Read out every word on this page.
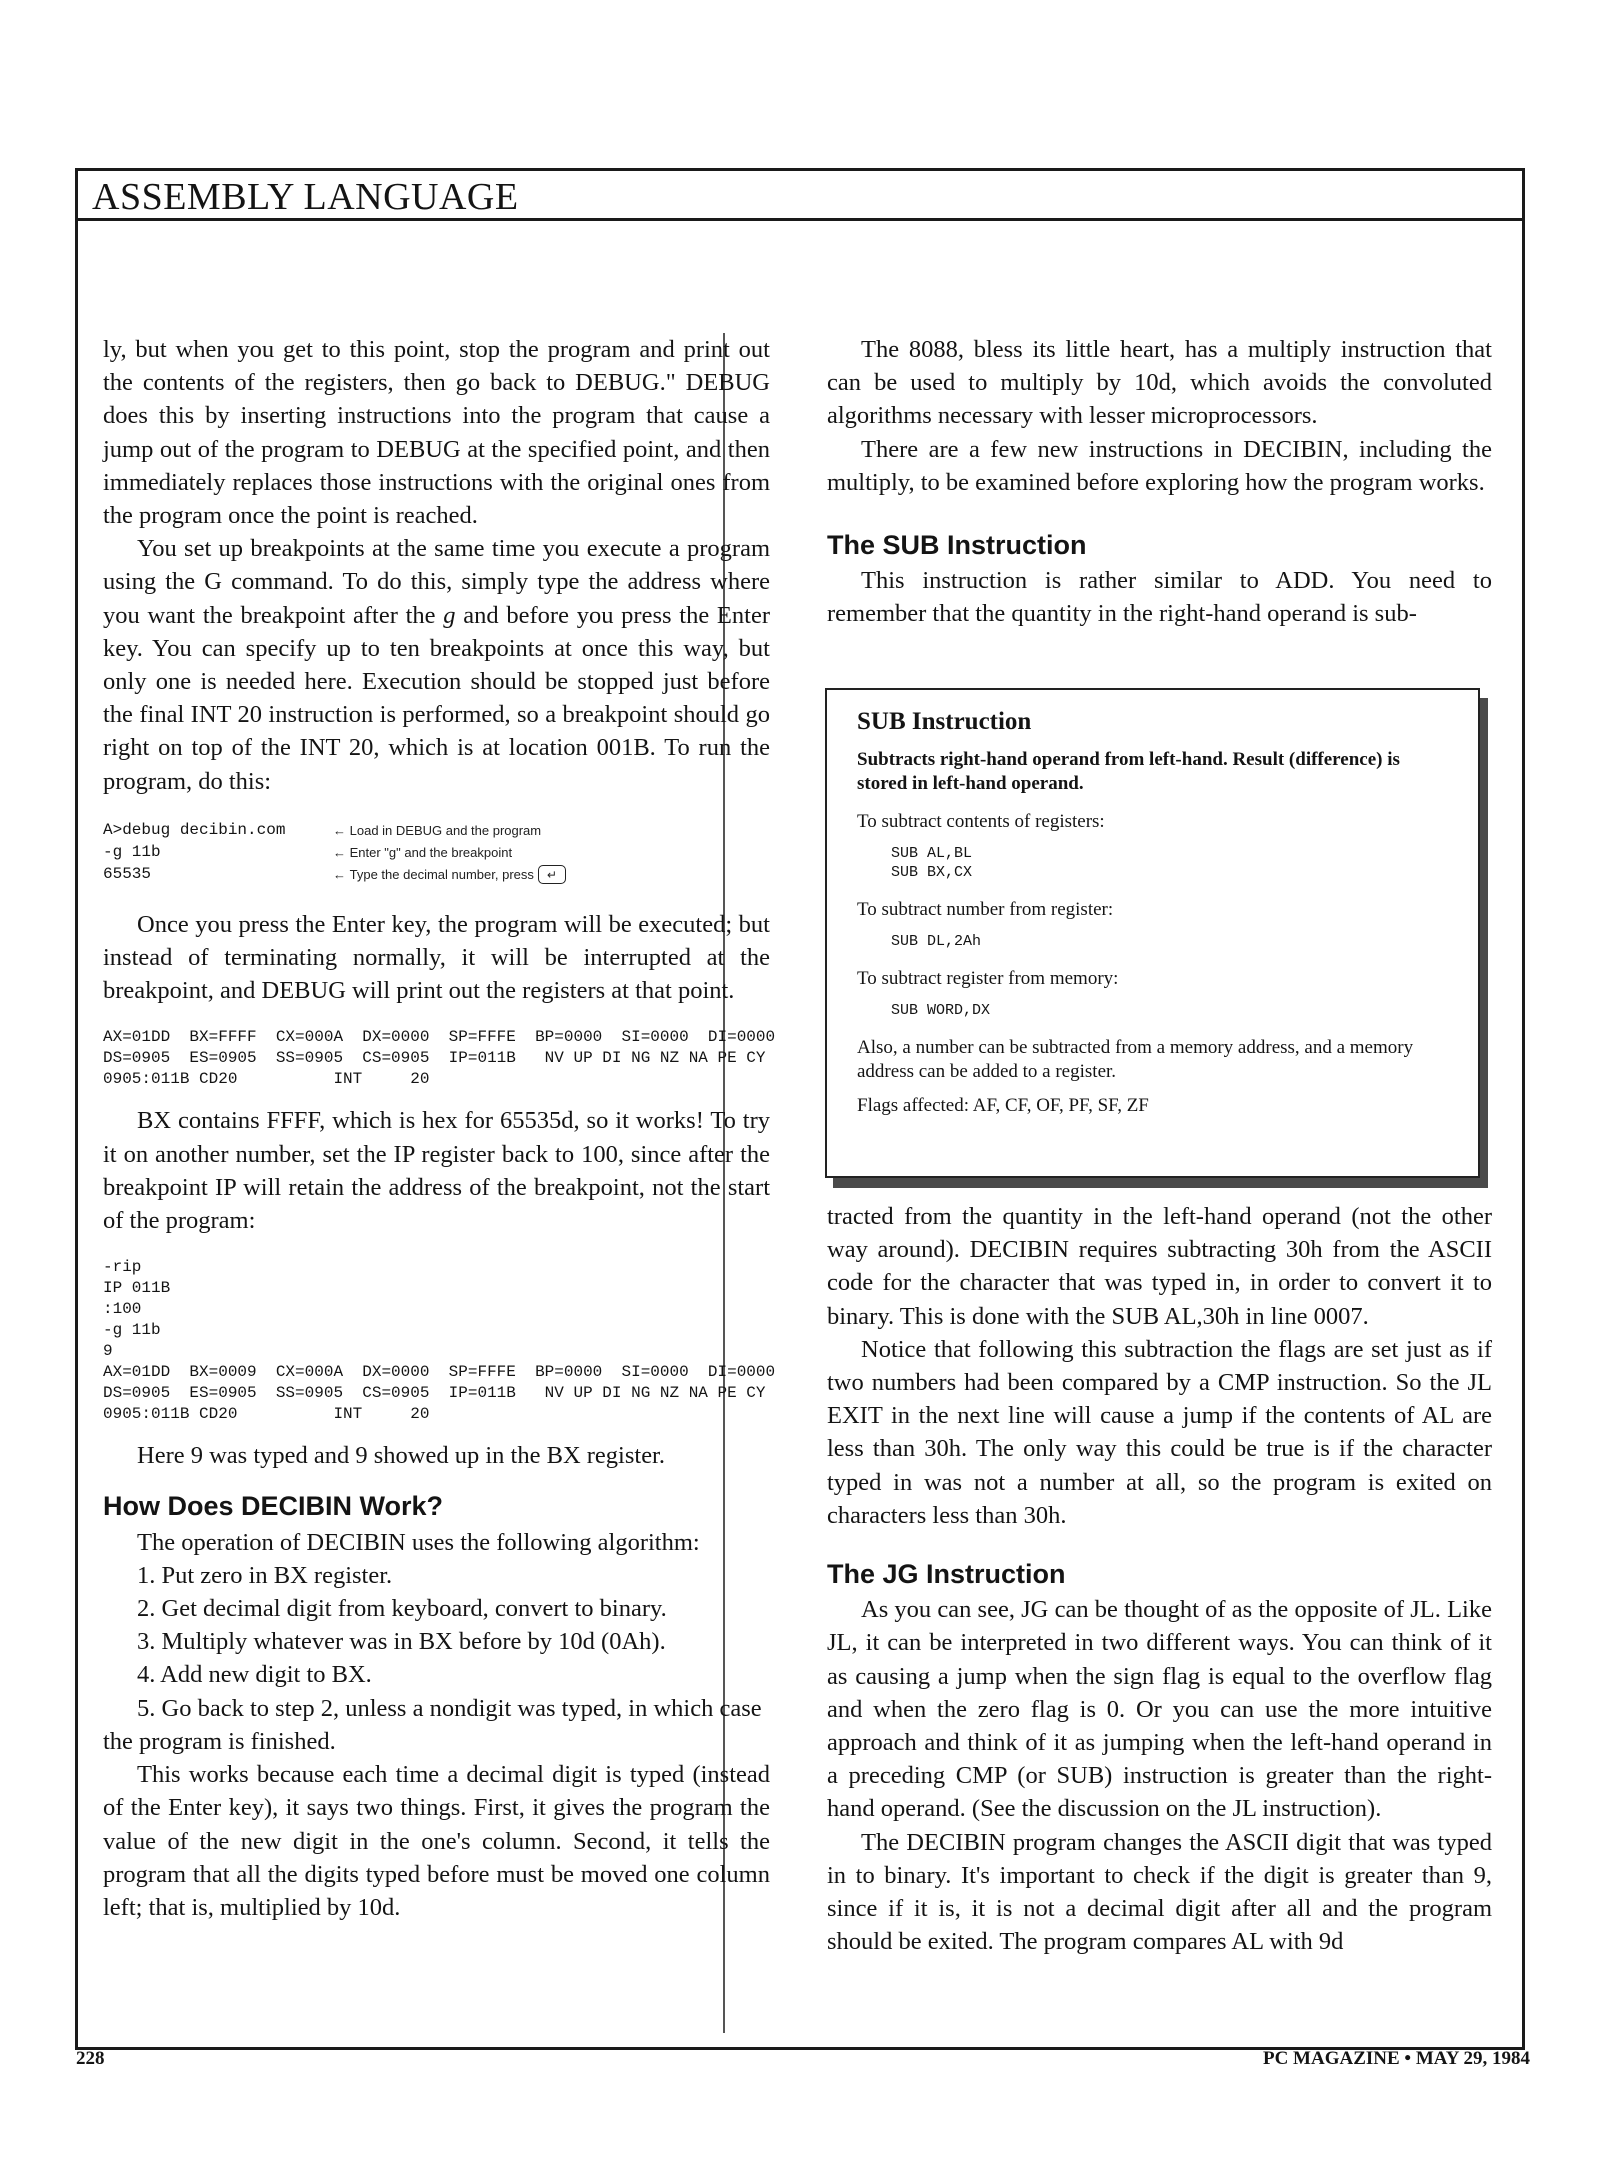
ASSEMBLY LANGUAGE

ly, but when you get to this point, stop the program and print out the contents of the registers, then go back to DEBUG." DEBUG does this by inserting instructions into the program that cause a jump out of the program to DEBUG at the specified point, and then immediately replaces those instructions with the original ones from the program once the point is reached.

You set up breakpoints at the same time you execute a program using the G command. To do this, simply type the address where you want the breakpoint after the g and before you press the Enter key. You can specify up to ten breakpoints at once this way, but only one is needed here. Execution should be stopped just before the final INT 20 instruction is performed, so a breakpoint should go right on top of the INT 20, which is at location 001B. To run the program, do this:

A>debug decibin.com	← Load in DEBUG and the program
-g 11b	← Enter "g" and the breakpoint
65535	← Type the decimal number, press	↵

Once you press the Enter key, the program will be executed; but instead of terminating normally, it will be interrupted at the breakpoint, and DEBUG will print out the registers at that point.

AX=01DD  BX=FFFF  CX=000A  DX=0000  SP=FFFE  BP=0000  SI=0000  DI=0000
DS=0905  ES=0905  SS=0905  CS=0905  IP=011B   NV UP DI NG NZ NA PE CY
0905:011B CD20          INT     20

BX contains FFFF, which is hex for 65535d, so it works! To try it on another number, set the IP register back to 100, since after the breakpoint IP will retain the address of the breakpoint, not the start of the program:

-rip
IP 011B
:100
-g 11b
9
AX=01DD  BX=0009  CX=000A  DX=0000  SP=FFFE  BP=0000  SI=0000  DI=0000
DS=0905  ES=0905  SS=0905  CS=0905  IP=011B   NV UP DI NG NZ NA PE CY
0905:011B CD20          INT     20

Here 9 was typed and 9 showed up in the BX register.

How Does DECIBIN Work?

The operation of DECIBIN uses the following algorithm:

1. Put zero in BX register.

2. Get decimal digit from keyboard, convert to binary.

3. Multiply whatever was in BX before by 10d (0Ah).

4. Add new digit to BX.

5. Go back to step 2, unless a nondigit was typed, in which case the program is finished.

This works because each time a decimal digit is typed (instead of the Enter key), it says two things. First, it gives the program the value of the new digit in the one's column. Second, it tells the program that all the digits typed before must be moved one column left; that is, multiplied by 10d.

The 8088, bless its little heart, has a multiply instruction that can be used to multiply by 10d, which avoids the convoluted algorithms necessary with lesser microprocessors.

There are a few new instructions in DECIBIN, including the multiply, to be examined before exploring how the program works.

The SUB Instruction

This instruction is rather similar to ADD. You need to remember that the quantity in the right-hand operand is sub-

SUB Instruction
Subtracts right-hand operand from left-hand. Result (difference) is stored in left-hand operand.

To subtract contents of registers:

SUB AL,BL
SUB BX,CX

To subtract number from register:

SUB DL,2Ah

To subtract register from memory:

SUB WORD,DX

Also, a number can be subtracted from a memory address, and a memory address can be added to a register.

Flags affected: AF, CF, OF, PF, SF, ZF

tracted from the quantity in the left-hand operand (not the other way around). DECIBIN requires subtracting 30h from the ASCII code for the character that was typed in, in order to convert it to binary. This is done with the SUB AL,30h in line 0007.

Notice that following this subtraction the flags are set just as if two numbers had been compared by a CMP instruction. So the JL EXIT in the next line will cause a jump if the contents of AL are less than 30h. The only way this could be true is if the character typed in was not a number at all, so the program is exited on characters less than 30h.

The JG Instruction

As you can see, JG can be thought of as the opposite of JL. Like JL, it can be interpreted in two different ways. You can think of it as causing a jump when the sign flag is equal to the overflow flag and when the zero flag is 0. Or you can use the more intuitive approach and think of it as jumping when the left-hand operand in a preceding CMP (or SUB) instruction is greater than the right-hand operand. (See the discussion on the JL instruction).

The DECIBIN program changes the ASCII digit that was typed in to binary. It's important to check if the digit is greater than 9, since if it is, it is not a decimal digit after all and the program should be exited. The program compares AL with 9d

228	PC MAGAZINE • MAY 29, 1984
